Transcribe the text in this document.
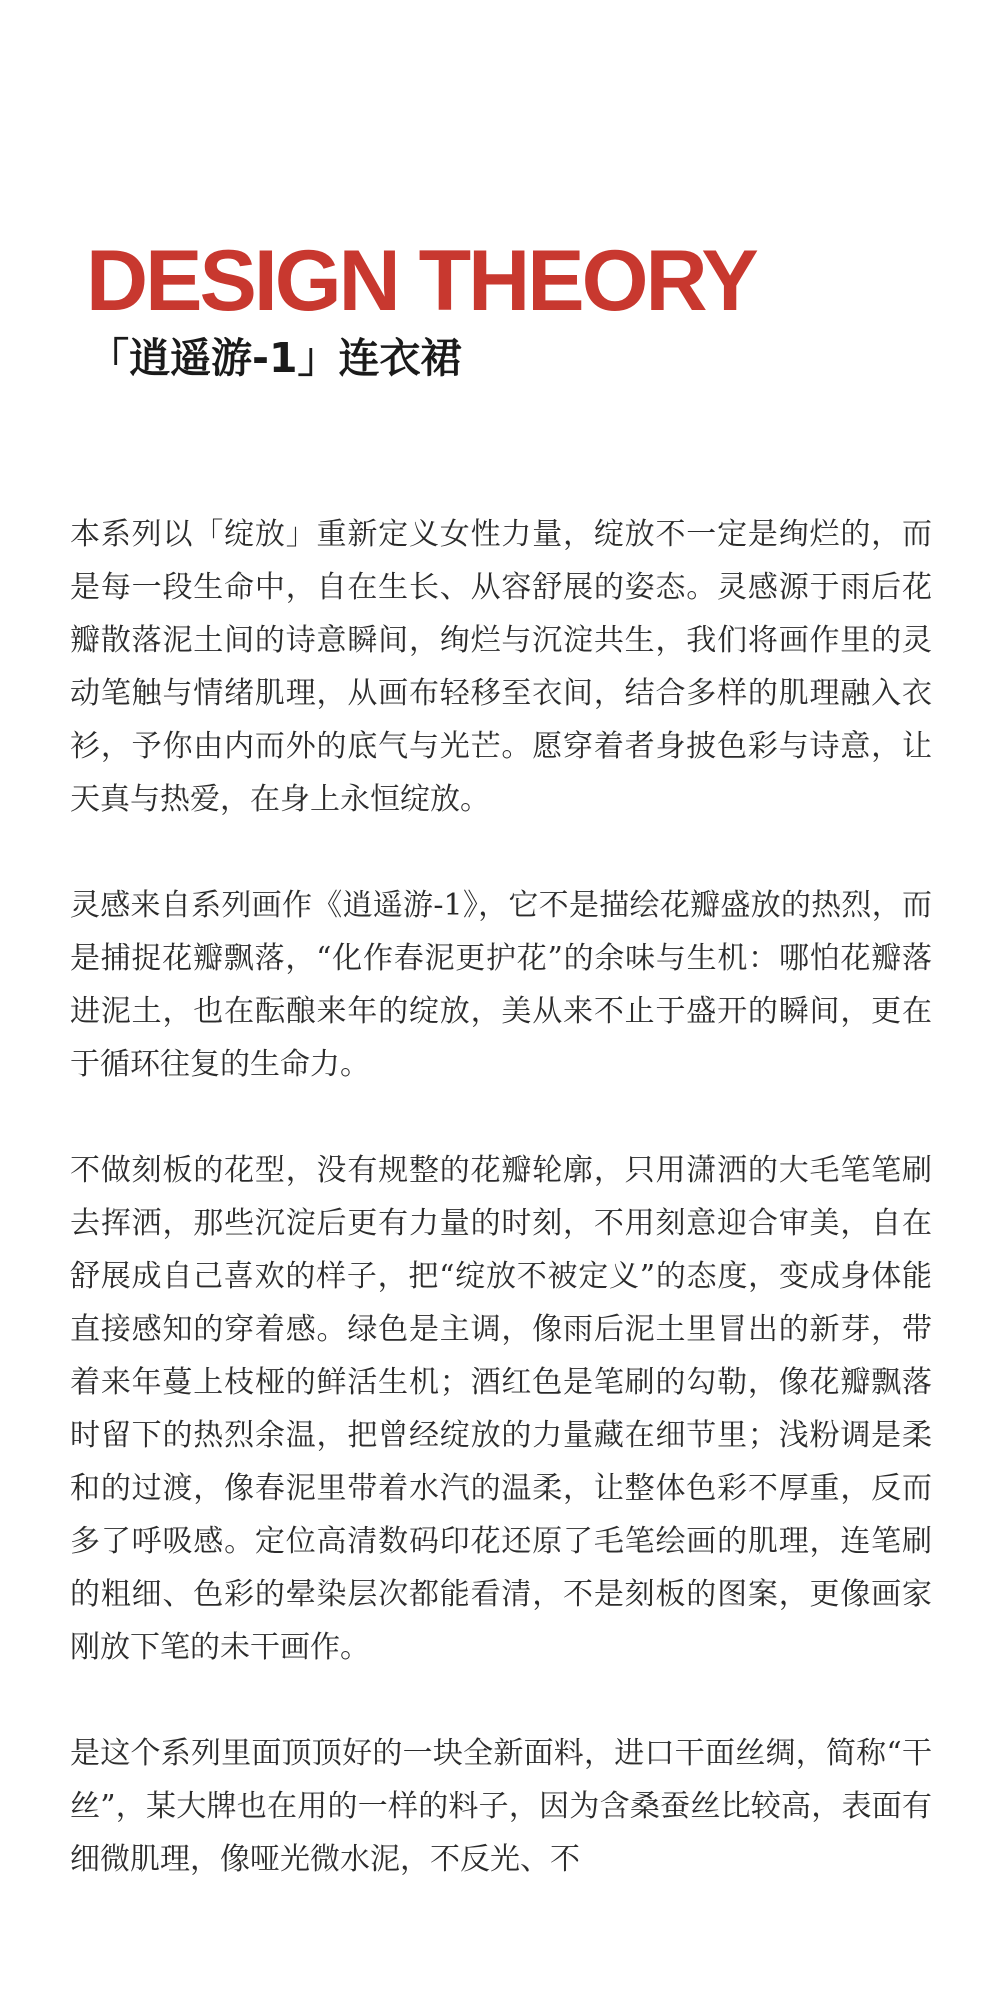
DESIGN THEORY
「逍遥游-1」连衣裙

本系列以「绽放」重新定义女性力量，绽放不一定是绚烂的，而是每一段生命中，自在生长、从容舒展的姿态。灵感源于雨后花瓣散落泥土间的诗意瞬间，绚烂与沉淀共生，我们将画作里的灵动笔触与情绪肌理，从画布轻移至衣间，结合多样的肌理融入衣衫，予你由内而外的底气与光芒。愿穿着者身披色彩与诗意，让天真与热爱，在身上永恒绽放。

灵感来自系列画作《逍遥游-1》，它不是描绘花瓣盛放的热烈，而是捕捉花瓣飘落，“化作春泥更护花”的余味与生机：哪怕花瓣落进泥土，也在酝酿来年的绽放，美从来不止于盛开的瞬间，更在于循环往复的生命力。

不做刻板的花型，没有规整的花瓣轮廓，只用潇洒的大毛笔笔刷去挥洒，那些沉淀后更有力量的时刻，不用刻意迎合审美，自在舒展成自己喜欢的样子，把“绽放不被定义”的态度，变成身体能直接感知的穿着感。绿色是主调，像雨后泥土里冒出的新芽，带着来年蔓上枝桠的鲜活生机；酒红色是笔刷的勾勒，像花瓣飘落时留下的热烈余温，把曾经绽放的力量藏在细节里；浅粉调是柔和的过渡，像春泥里带着水汽的温柔，让整体色彩不厚重，反而多了呼吸感。定位高清数码印花还原了毛笔绘画的肌理，连笔刷的粗细、色彩的晕染层次都能看清，不是刻板的图案，更像画家刚放下笔的未干画作。

是这个系列里面顶顶好的一块全新面料，进口干面丝绸，简称“干丝”，某大牌也在用的一样的料子，因为含桑蚕丝比较高，表面有细微肌理，像哑光微水泥，不反光、不
